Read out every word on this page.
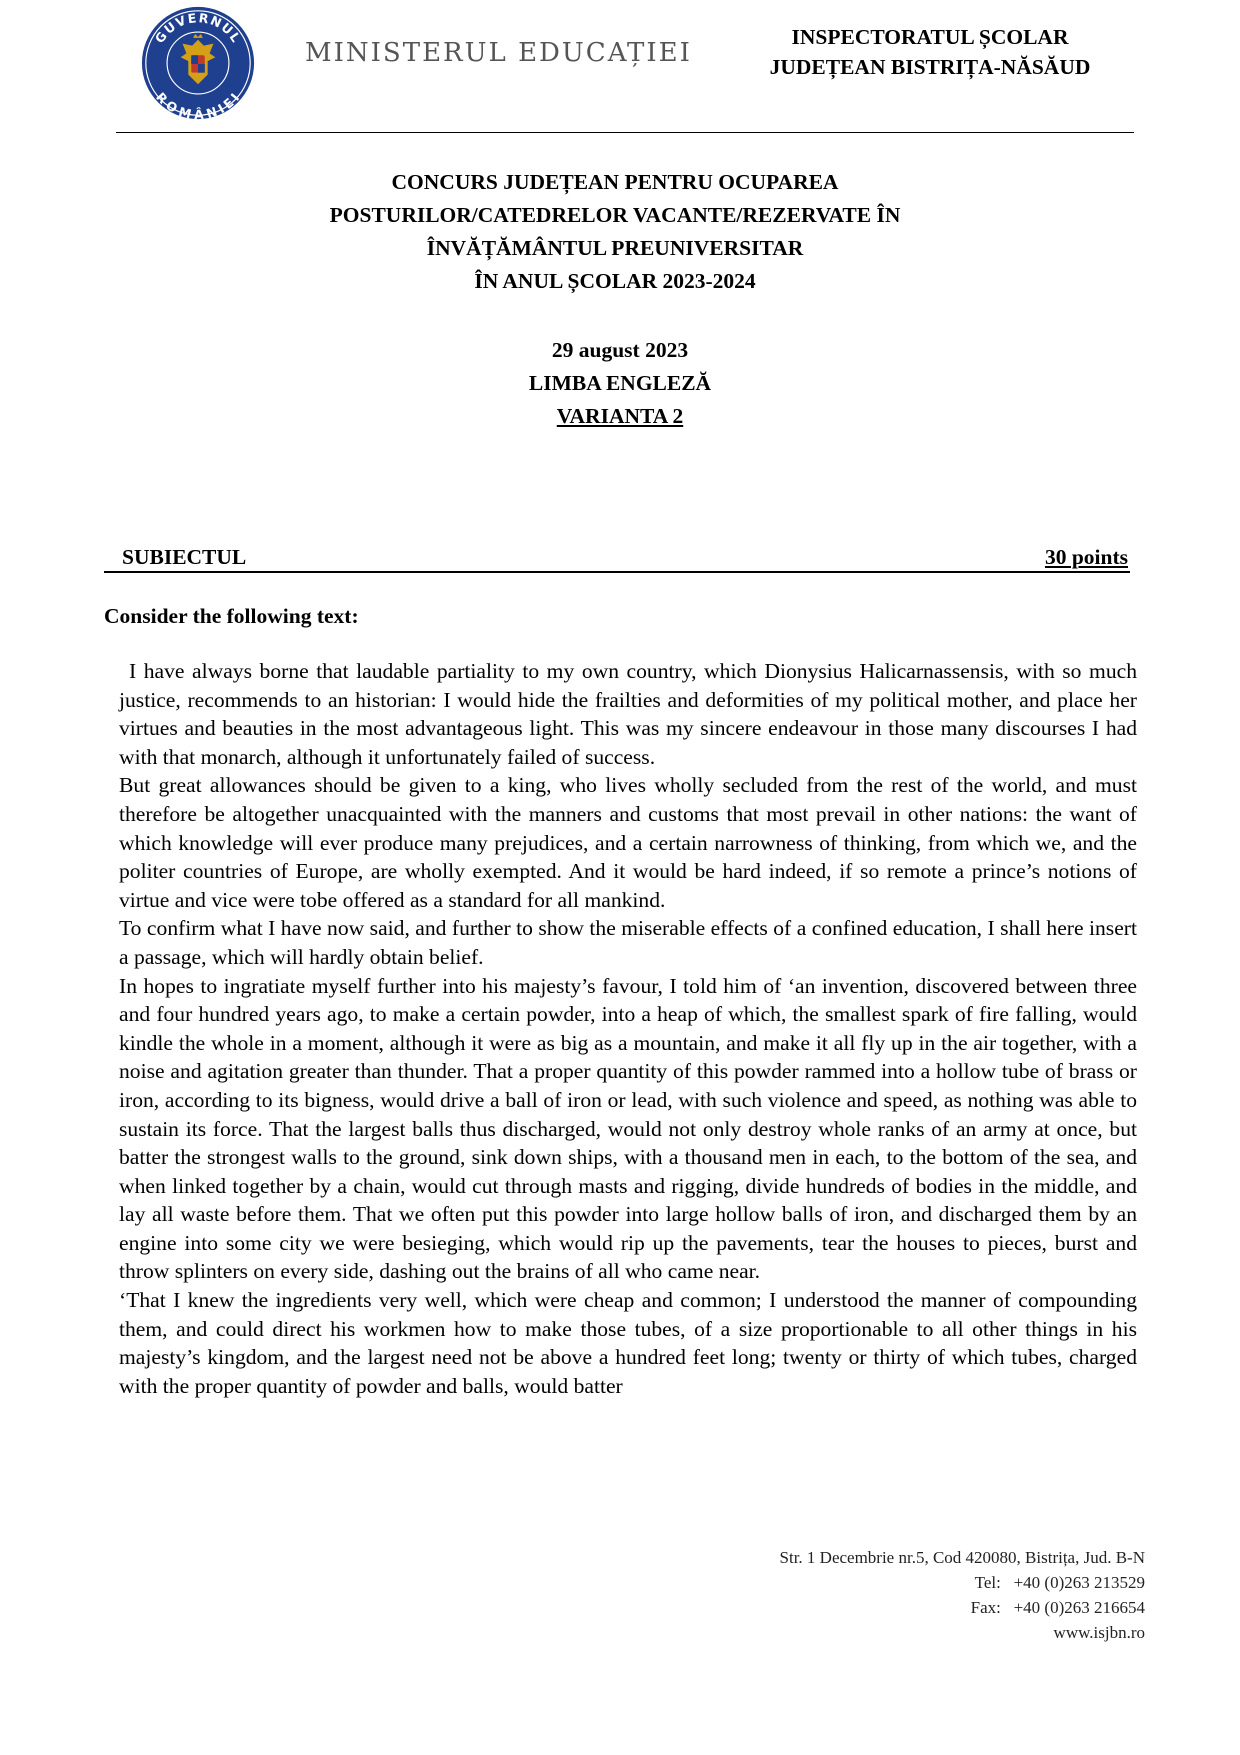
GUVERNUL
ROMÂNIEI
MINISTERUL EDUCAȚIEI
INSPECTORATUL ȘCOLAR
JUDEȚEAN BISTRIȚA-NĂSĂUD
CONCURS JUDEȚEAN PENTRU OCUPAREA
POSTURILOR/CATEDRELOR VACANTE/REZERVATE ÎN
ÎNVĂȚĂMÂNTUL PREUNIVERSITAR
ÎN ANUL ȘCOLAR 2023-2024
29 august 2023
LIMBA ENGLEZĂ
VARIANTA 2
SUBIECTUL	30 points
Consider the following text:

I have always borne that laudable partiality to my own country, which Dionysius Halicarnassensis, with so much justice, recommends to an historian: I would hide the frailties and deformities of my political mother, and place her virtues and beauties in the most advantageous light. This was my sincere endeavour in those many discourses I had with that monarch, although it unfortunately failed of success.

But great allowances should be given to a king, who lives wholly secluded from the rest of the world, and must therefore be altogether unacquainted with the manners and customs that most prevail in other nations: the want of which knowledge will ever produce many prejudices, and a certain narrowness of thinking, from which we, and the politer countries of Europe, are wholly exempted. And it would be hard indeed, if so remote a prince’s notions of virtue and vice were tobe offered as a standard for all mankind.

To confirm what I have now said, and further to show the miserable effects of a confined education, I shall here insert a passage, which will hardly obtain belief.

In hopes to ingratiate myself further into his majesty’s favour, I told him of ‘an invention, discovered between three and four hundred years ago, to make a certain powder, into a heap of which, the smallest spark of fire falling, would kindle the whole in a moment, although it were as big as a mountain, and make it all fly up in the air together, with a noise and agitation greater than thunder. That a proper quantity of this powder rammed into a hollow tube of brass or iron, according to its bigness, would drive a ball of iron or lead, with such violence and speed, as nothing was able to sustain its force. That the largest balls thus discharged, would not only destroy whole ranks of an army at once, but batter the strongest walls to the ground, sink down ships, with a thousand men in each, to the bottom of the sea, and when linked together by a chain, would cut through masts and rigging, divide hundreds of bodies in the middle, and lay all waste before them. That we often put this powder into large hollow balls of iron, and discharged them by an engine into some city we were besieging, which would rip up the pavements, tear the houses to pieces, burst and throw splinters on every side, dashing out the brains of all who came near.

‘That I knew the ingredients very well, which were cheap and common; I understood the manner of compounding them, and could direct his workmen how to make those tubes, of a size proportionable to all other things in his majesty’s kingdom, and the largest need not be above a hundred feet long; twenty or thirty of which tubes, charged with the proper quantity of powder and balls, would batter

Str. 1 Decembrie nr.5, Cod 420080, Bistrița, Jud. B-N
Tel:   +40 (0)263 213529
Fax:   +40 (0)263 216654
www.isjbn.ro
